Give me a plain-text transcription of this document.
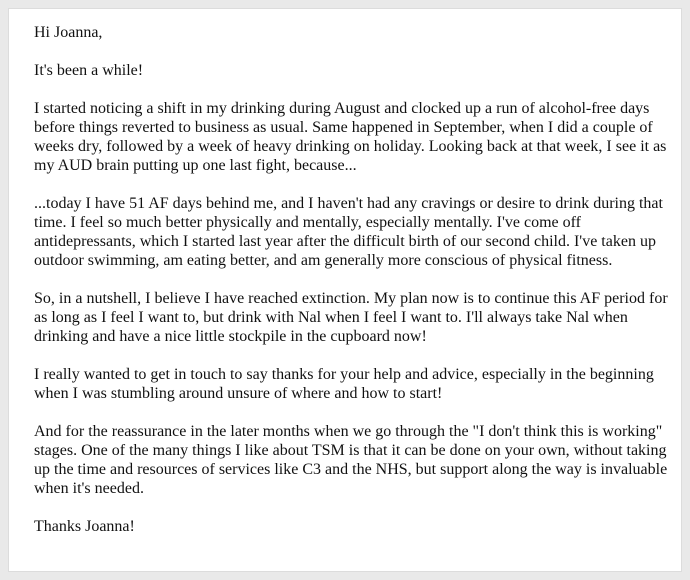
Hi Joanna,

It's been a while!

I started noticing a shift in my drinking during August and clocked up a run of alcohol-free days before things reverted to business as usual. Same happened in September, when I did a couple of weeks dry, followed by a week of heavy drinking on holiday. Looking back at that week, I see it as my AUD brain putting up one last fight, because...

...today I have 51 AF days behind me, and I haven't had any cravings or desire to drink during that time. I feel so much better physically and mentally, especially mentally. I've come off antidepressants, which I started last year after the difficult birth of our second child. I've taken up outdoor swimming, am eating better, and am generally more conscious of physical fitness.

So, in a nutshell, I believe I have reached extinction. My plan now is to continue this AF period for as long as I feel I want to, but drink with Nal when I feel I want to. I'll always take Nal when drinking and have a nice little stockpile in the cupboard now!

I really wanted to get in touch to say thanks for your help and advice, especially in the beginning when I was stumbling around unsure of where and how to start!

And for the reassurance in the later months when we go through the "I don't think this is working" stages. One of the many things I like about TSM is that it can be done on your own, without taking up the time and resources of services like C3 and the NHS, but support along the way is invaluable when it's needed.

Thanks Joanna!
